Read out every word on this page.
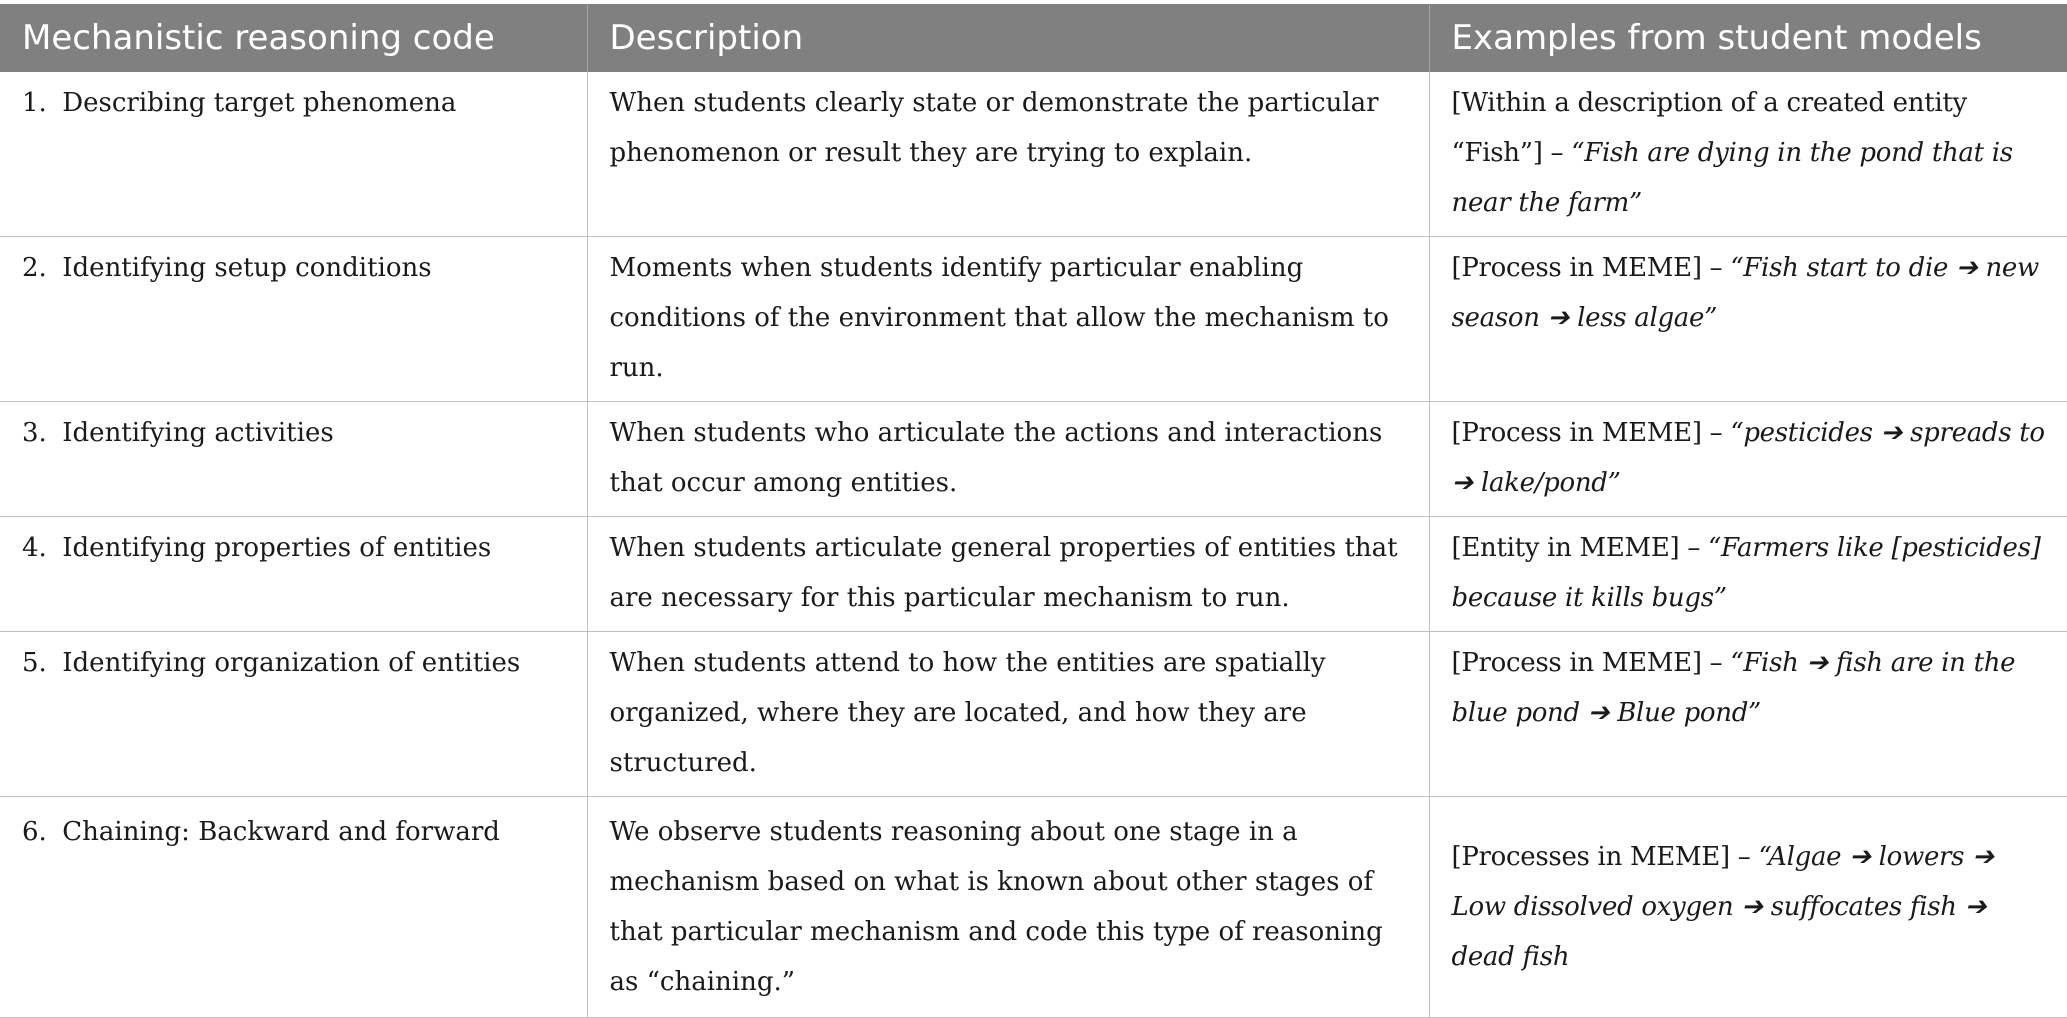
Mechanistic reasoning code	Description	Examples from student models
1. Describing target phenomena	When students clearly state or demonstrate the particular phenomenon or result they are trying to explain.	[Within a description of a created entity “Fish”] – “Fish are dying in the pond that is near the farm”
2. Identifying setup conditions	Moments when students identify particular enabling conditions of the environment that allow the mechanism to run.	[Process in MEME] – “Fish start to die ➔ new season ➔ less algae”
3. Identifying activities	When students who articulate the actions and interactions that occur among entities.	[Process in MEME] – “pesticides ➔ spreads to ➔ lake/pond”
4. Identifying properties of entities	When students articulate general properties of entities that are necessary for this particular mechanism to run.	[Entity in MEME] – “Farmers like [pesticides] because it kills bugs”
5. Identifying organization of entities	When students attend to how the entities are spatially organized, where they are located, and how they are structured.	[Process in MEME] – “Fish ➔ fish are in the blue pond ➔ Blue pond”
6. Chaining: Backward and forward	We observe students reasoning about one stage in a mechanism based on what is known about other stages of that particular mechanism and code this type of reasoning as “chaining.”	[Processes in MEME] – “Algae ➔ lowers ➔ Low dissolved oxygen ➔ suffocates fish ➔ dead fish
